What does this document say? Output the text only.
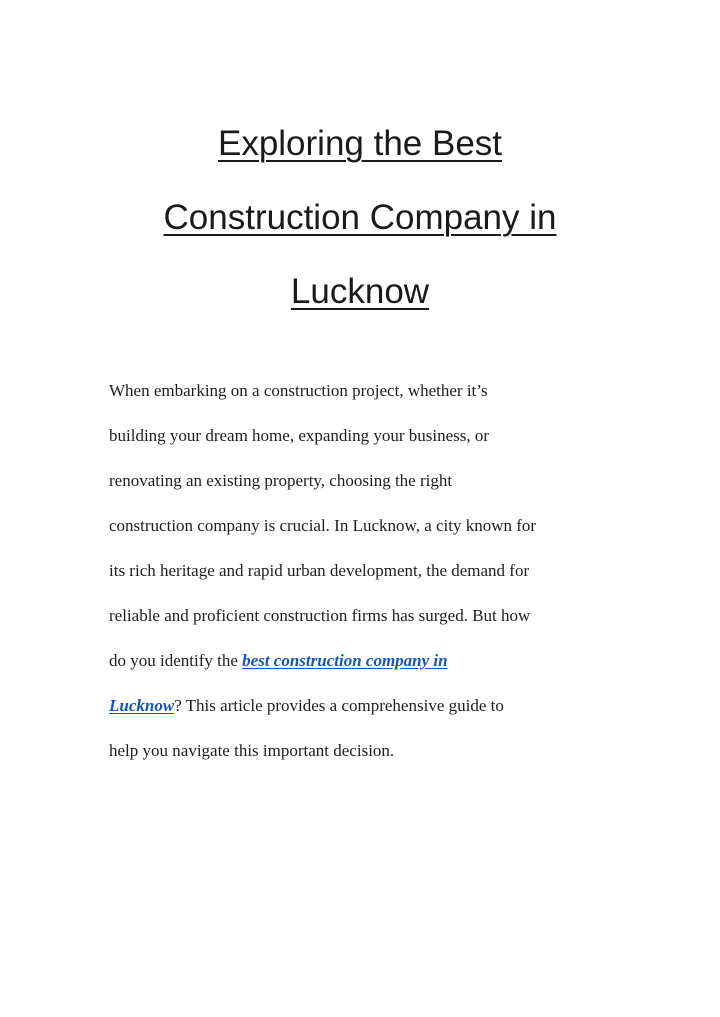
Exploring the Best
Construction Company in
Lucknow
When embarking on a construction project, whether it’s
building your dream home, expanding your business, or
renovating an existing property, choosing the right
construction company is crucial. In Lucknow, a city known for
its rich heritage and rapid urban development, the demand for
reliable and proficient construction firms has surged. But how
do you identify the best construction company in
Lucknow? This article provides a comprehensive guide to
help you navigate this important decision.
